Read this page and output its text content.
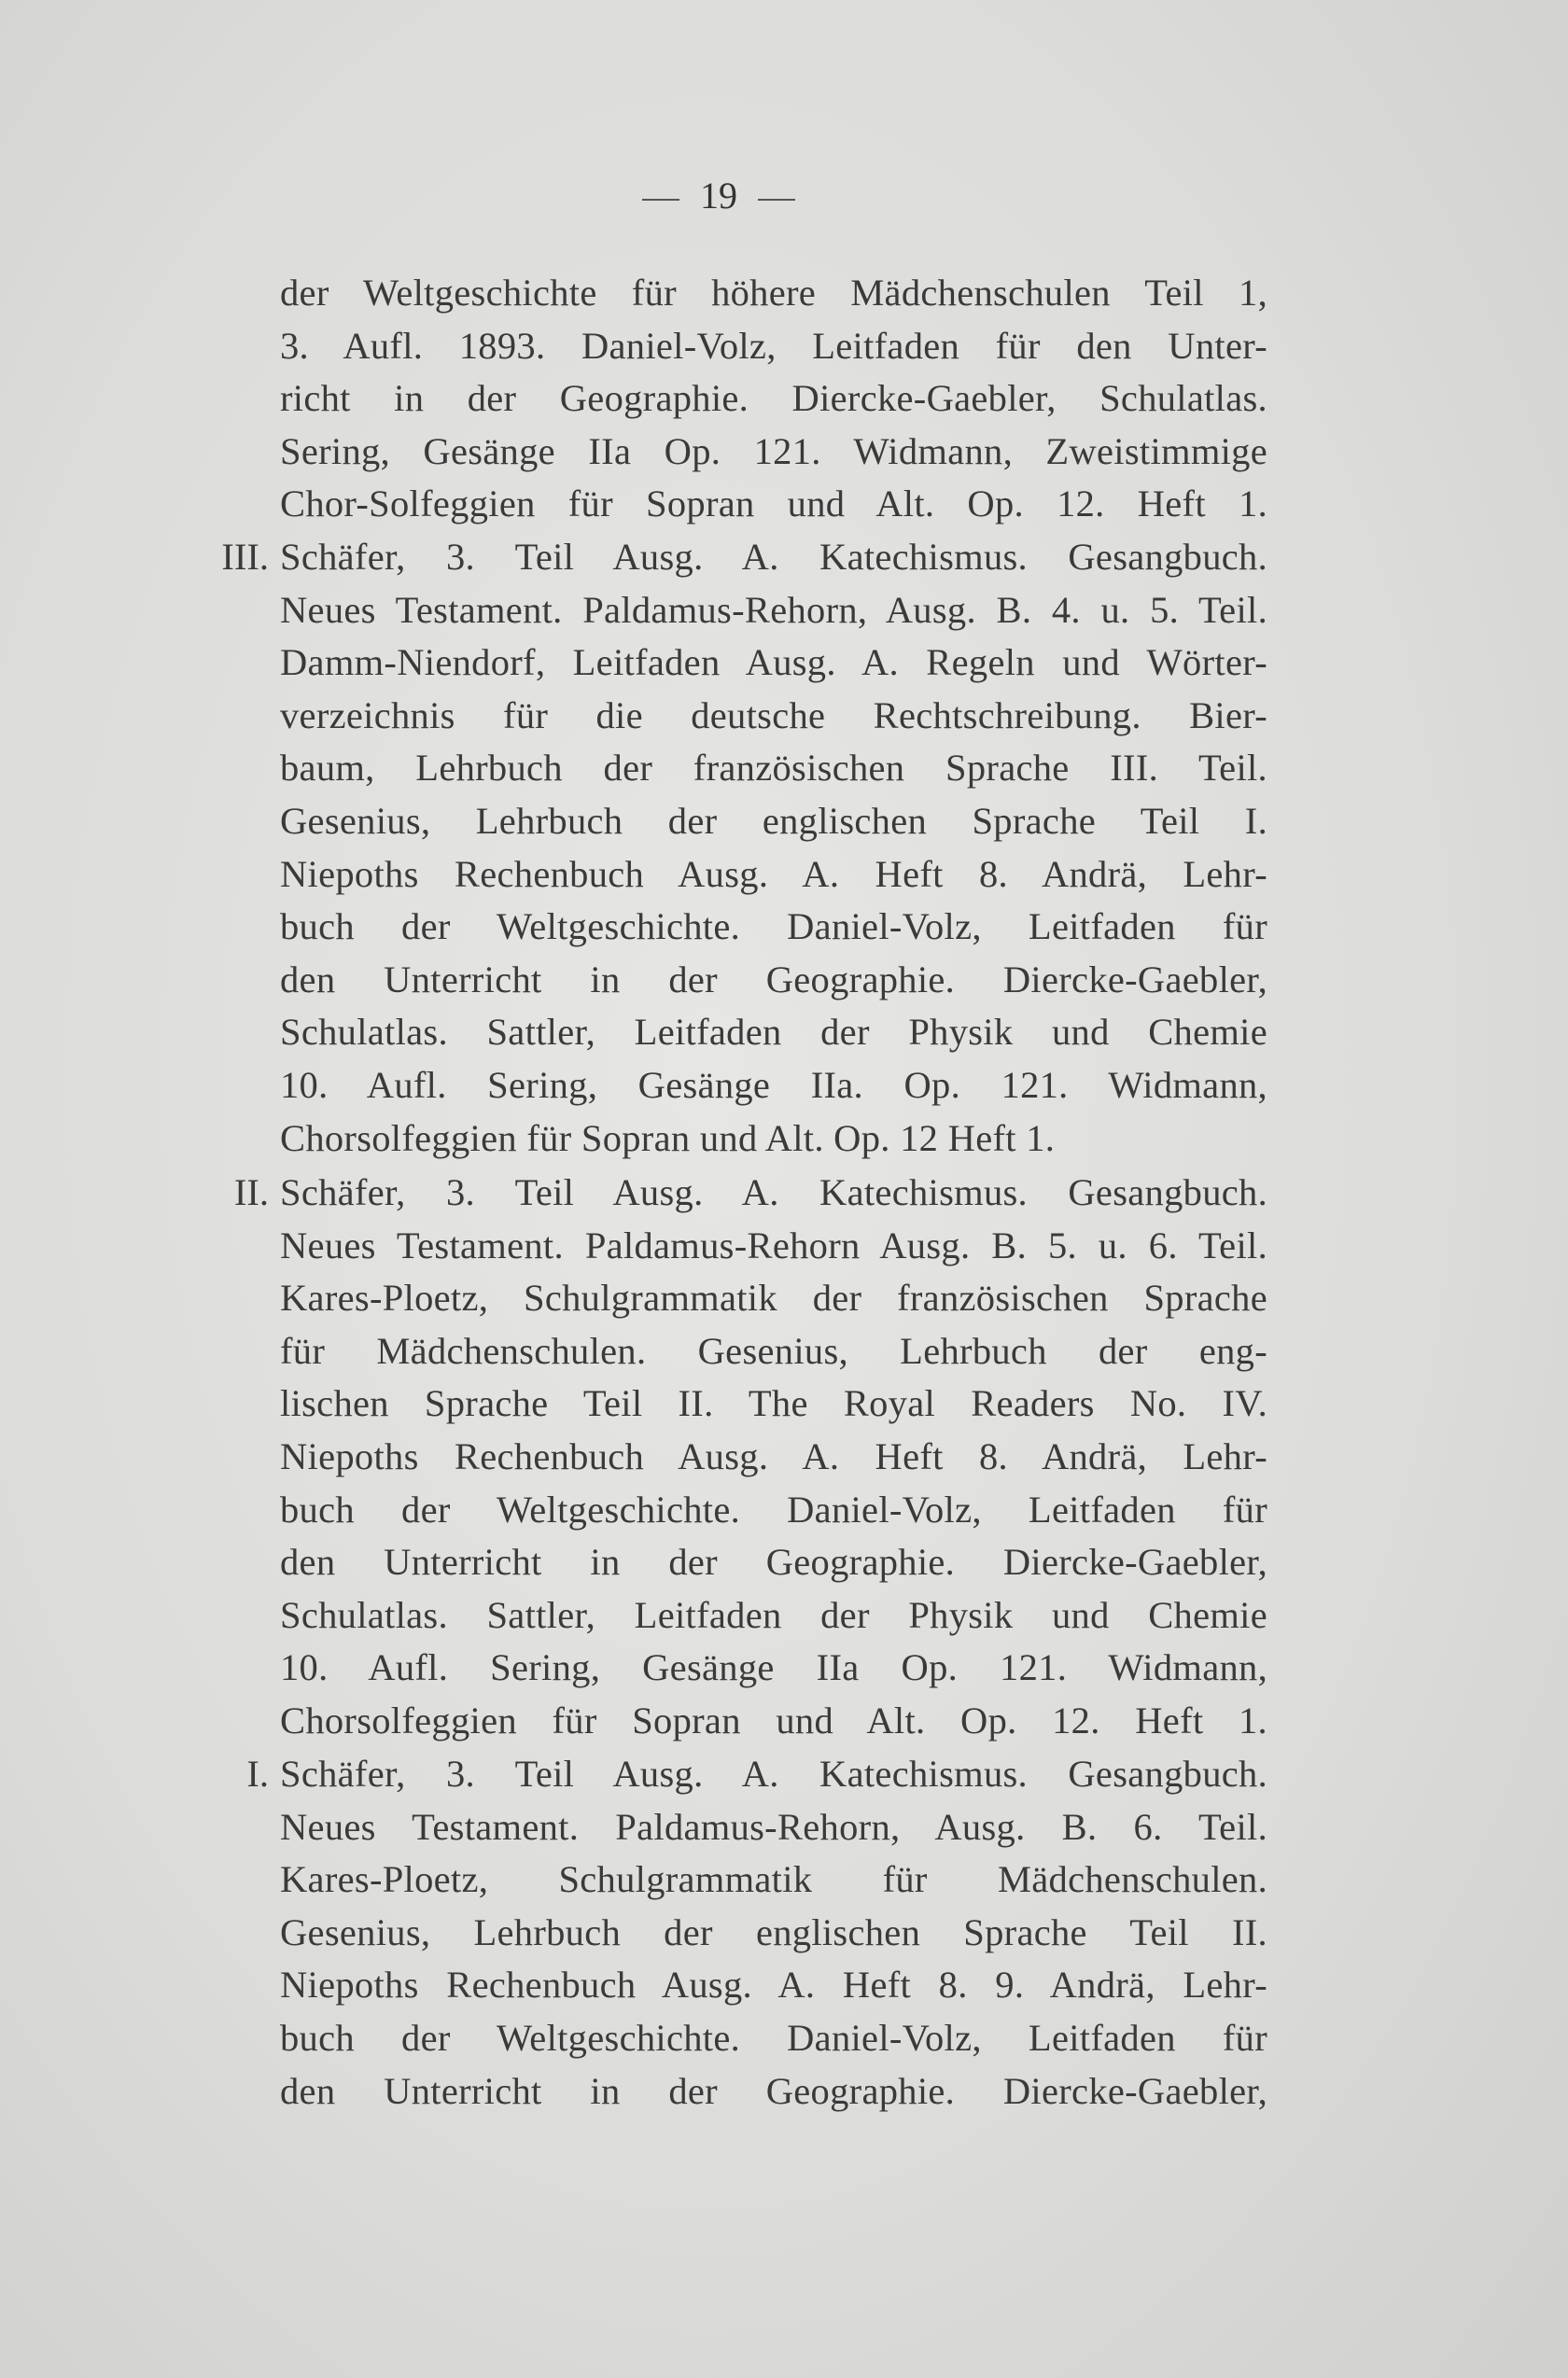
19
der Weltgeschichte für höhere Mädchenschulen Teil 1,
3. Aufl. 1893. Daniel-Volz, Leitfaden für den Unter-
richt in der Geographie. Diercke-Gaebler, Schulatlas.
Sering, Gesänge IIa Op. 121. Widmann, Zweistimmige
Chor-Solfeggien für Sopran und Alt. Op. 12. Heft 1.
III. Schäfer, 3. Teil Ausg. A. Katechismus. Gesangbuch.
Neues Testament. Paldamus-Rehorn, Ausg. B. 4. u. 5. Teil.
Damm-Niendorf, Leitfaden Ausg. A. Regeln und Wörter-
verzeichnis für die deutsche Rechtschreibung. Bier-
baum, Lehrbuch der französischen Sprache III. Teil.
Gesenius, Lehrbuch der englischen Sprache Teil I.
Niepoths Rechenbuch Ausg. A. Heft 8. Andrä, Lehr-
buch der Weltgeschichte. Daniel-Volz, Leitfaden für
den Unterricht in der Geographie. Diercke-Gaebler,
Schulatlas. Sattler, Leitfaden der Physik und Chemie
10. Aufl. Sering, Gesänge IIa. Op. 121. Widmann,
Chorsolfeggien für Sopran und Alt. Op. 12 Heft 1.
II. Schäfer, 3. Teil Ausg. A. Katechismus. Gesangbuch.
Neues Testament. Paldamus-Rehorn Ausg. B. 5. u. 6. Teil.
Kares-Ploetz, Schulgrammatik der französischen Sprache
für Mädchenschulen. Gesenius, Lehrbuch der eng-
lischen Sprache Teil II. The Royal Readers No. IV.
Niepoths Rechenbuch Ausg. A. Heft 8. Andrä, Lehr-
buch der Weltgeschichte. Daniel-Volz, Leitfaden für
den Unterricht in der Geographie. Diercke-Gaebler,
Schulatlas. Sattler, Leitfaden der Physik und Chemie
10. Aufl. Sering, Gesänge IIa Op. 121. Widmann,
Chorsolfeggien für Sopran und Alt. Op. 12. Heft 1.
I. Schäfer, 3. Teil Ausg. A. Katechismus. Gesangbuch.
Neues Testament. Paldamus-Rehorn, Ausg. B. 6. Teil.
Kares-Ploetz, Schulgrammatik für Mädchenschulen.
Gesenius, Lehrbuch der englischen Sprache Teil II.
Niepoths Rechenbuch Ausg. A. Heft 8. 9. Andrä, Lehr-
buch der Weltgeschichte. Daniel-Volz, Leitfaden für
den Unterricht in der Geographie. Diercke-Gaebler,
